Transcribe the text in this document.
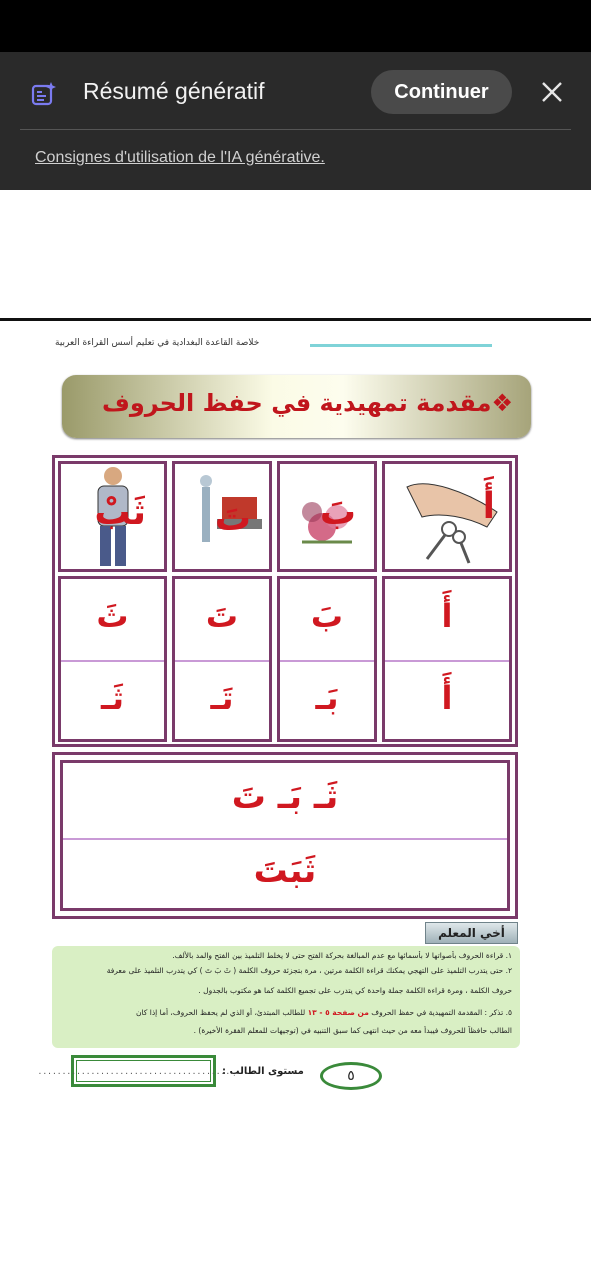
Résumé génératif	Continuer
Consignes d'utilisation de l'IA générative.
خلاصة القاعدة البغدادية في تعليم أسس القراءة العربية
❖مقدمة تمهيدية في حفظ الحروف
أَ
بَ
تَ
ثَبْ
أَ
أَ
بَ
بَـ
تَ
تَـ
ثَ
ثَـ
ثَـ بَـ تَ
ثَبَتَ
أخي المعلم
١. قراءة الحروف بأصواتها لا بأسمائها مع عدم المبالغة بحركة الفتح حتى لا يخلط التلميذ بين الفتح والمد بالألف.
٢. حتى يتدرب التلميذ على التهجي يمكنك قراءة الكلمة مرتين ، مرة بتجزئة حروف الكلمة ( ثَ بَ تَ ) كي يتدرب التلميذ على معرفة
حروف الكلمة ، ومرة قراءة الكلمة جملة واحدة كي يتدرب على تجميع الكلمة كما هو مكتوب بالجدول .
٥. تذكر : المقدمة التمهيدية في حفظ الحروف من صفحة ٥ - ١٣ للطالب المبتدئ، أو الذي لم يحفظ الحروف، أما إذا كان
الطالب حافظاً للحروف فيبدأ معه من حيث انتهى كما سبق التنبيه في (توجيهات للمعلم الفقرة الأخيرة) .
مستوى الطالب :
............................................	٥
